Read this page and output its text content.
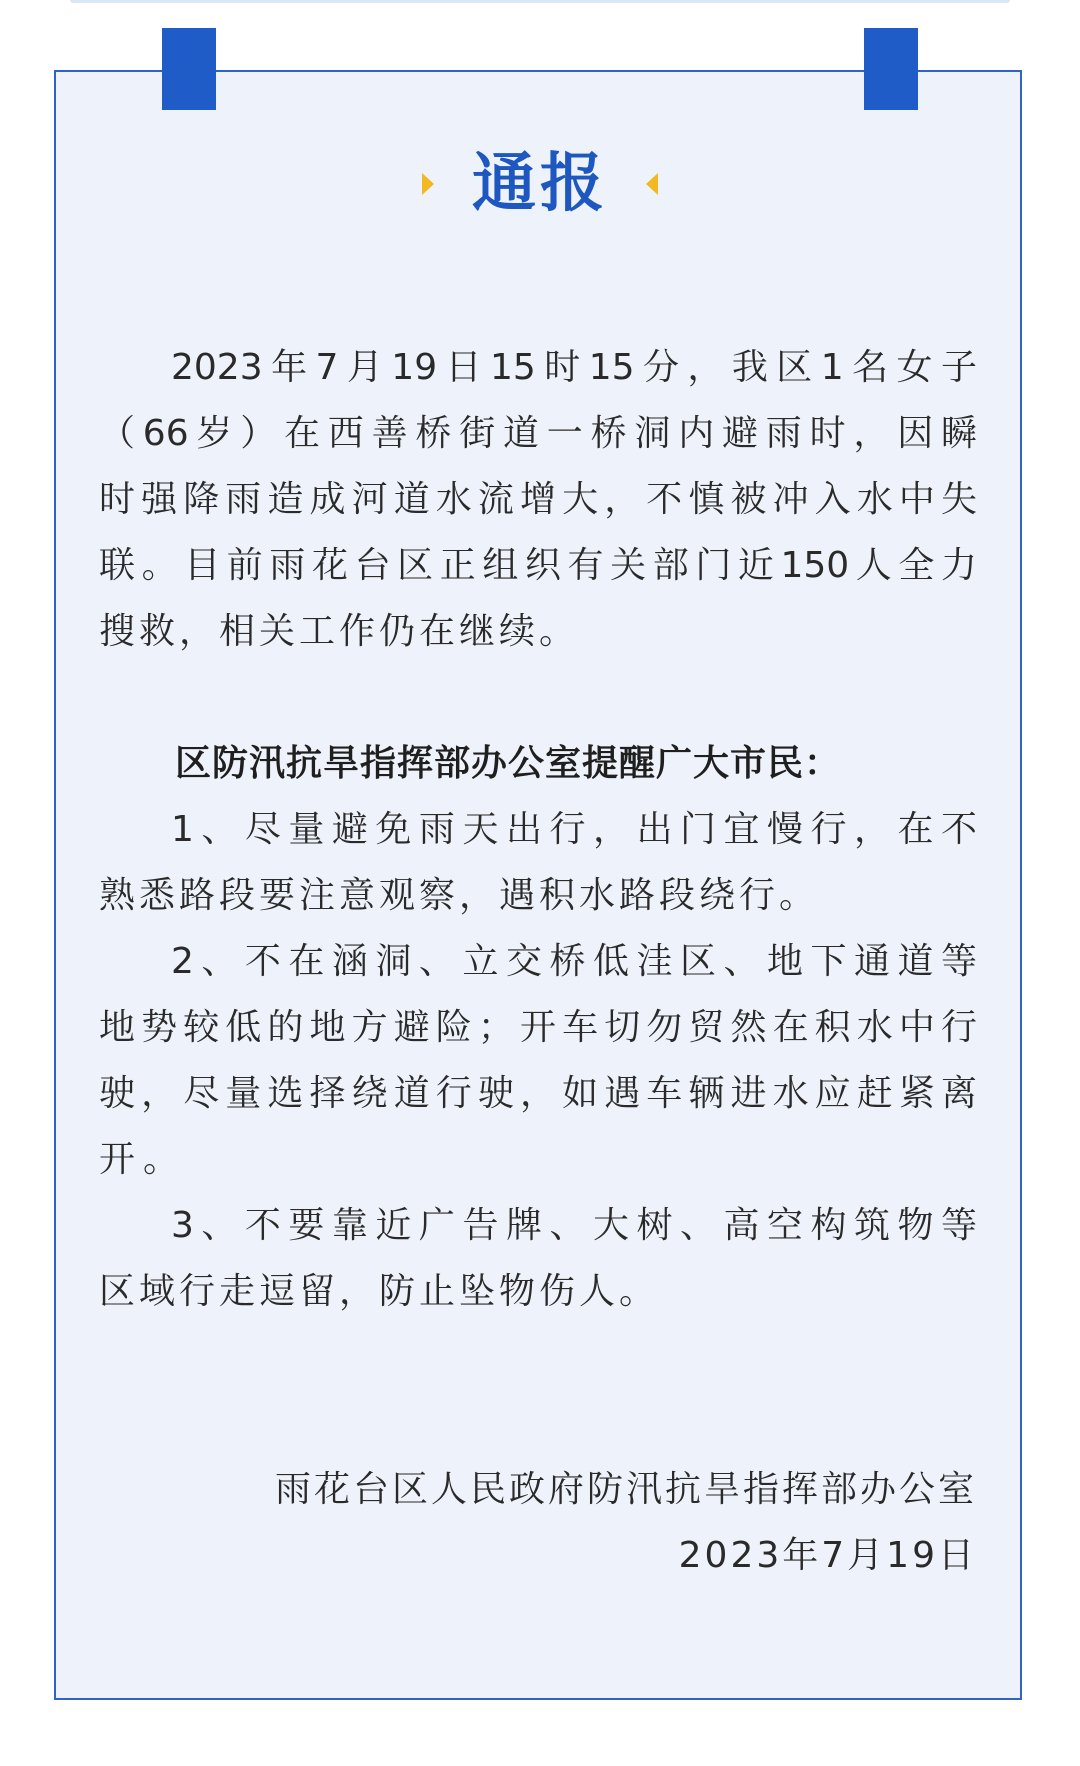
通报
2023年7月19日15时15分，我区1名女子
（66岁）在西善桥街道一桥洞内避雨时，因瞬
时强降雨造成河道水流增大，不慎被冲入水中失
联。目前雨花台区正组织有关部门近150人全力
搜救，相关工作仍在继续。
区防汛抗旱指挥部办公室提醒广大市民：
1、尽量避免雨天出行，出门宜慢行，在不
熟悉路段要注意观察，遇积水路段绕行。
2、不在涵洞、立交桥低洼区、地下通道等
地势较低的地方避险；开车切勿贸然在积水中行
驶，尽量选择绕道行驶，如遇车辆进水应赶紧离
开。
3、不要靠近广告牌、大树、高空构筑物等
区域行走逗留，防止坠物伤人。
雨花台区人民政府防汛抗旱指挥部办公室
2023年7月19日
